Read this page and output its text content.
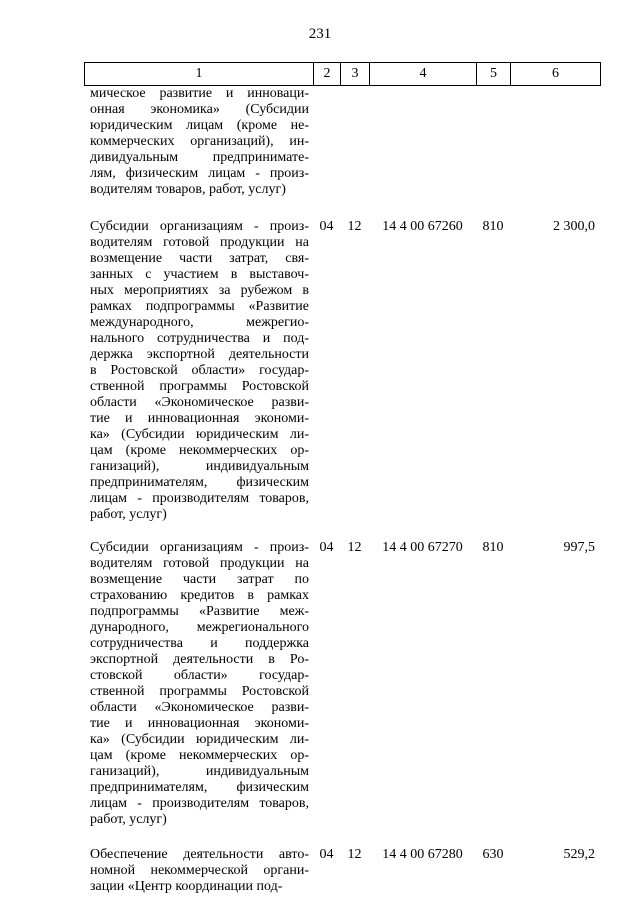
231
1	2	3	4	5	6
мическое развитие и инноваци-
онная экономика» (Субсидии
юридическим лицам (кроме не-
коммерческих организаций), ин-
дивидуальным предпринимате-
лям, физическим лицам - произ-
водителям товаров, работ, услуг)
Субсидии организациям - произ-
водителям готовой продукции на
возмещение части затрат, свя-
занных с участием в выставоч-
ных мероприятиях за рубежом в
рамках подпрограммы «Развитие
международного, межрегио-
нального сотрудничества и под-
держка экспортной деятельности
в Ростовской области» государ-
ственной программы Ростовской
области «Экономическое разви-
тие и инновационная экономи-
ка» (Субсидии юридическим ли-
цам (кроме некоммерческих ор-
ганизаций), индивидуальным
предпринимателям, физическим
лицам - производителям товаров,
работ, услуг)
04	12	14 4 00 67260	810	2 300,0
Субсидии организациям - произ-
водителям готовой продукции на
возмещение части затрат по
страхованию кредитов в рамках
подпрограммы «Развитие меж-
дународного, межрегионального
сотрудничества и поддержка
экспортной деятельности в Ро-
стовской области» государ-
ственной программы Ростовской
области «Экономическое разви-
тие и инновационная экономи-
ка» (Субсидии юридическим ли-
цам (кроме некоммерческих ор-
ганизаций), индивидуальным
предпринимателям, физическим
лицам - производителям товаров,
работ, услуг)
04	12	14 4 00 67270	810	997,5
Обеспечение деятельности авто-
номной некоммерческой органи-
зации «Центр координации под-
04	12	14 4 00 67280	630	529,2
